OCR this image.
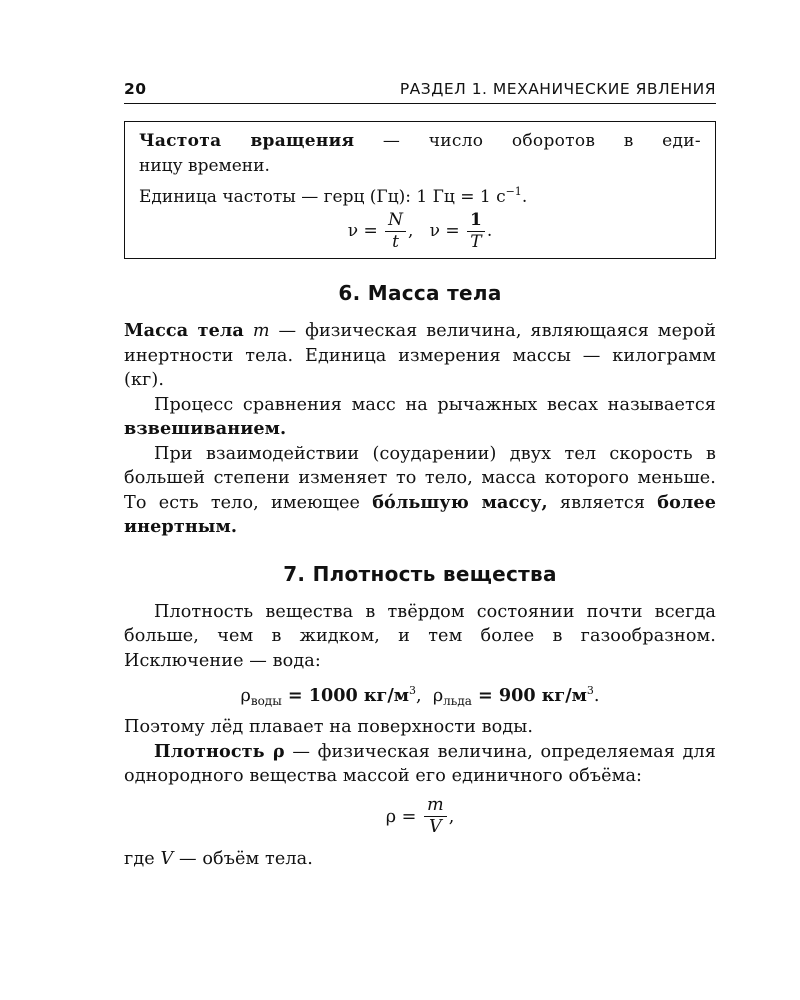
20	РАЗДЕЛ 1. МЕХАНИЧЕСКИЕ ЯВЛЕНИЯ

Частота вращения — число оборотов в еди-

ницу времени.

Единица частоты — герц (Гц): 1 Гц = 1 $с^{-1}$.

$\nu = \frac{N}{t}$ , $\nu = \frac{1}{T}$ .
6. Масса тела

Масса тела m — физическая величина, являющаяся мерой инертности тела. Единица измерения массы — килограмм (кг).

Процесс сравнения масс на рычажных весах называется взвешиванием.

При взаимодействии (соударении) двух тел скорость в большей степени изменяет то тело, масса которого меньше. То есть тело, имеющее бóльшую массу, является более инертным.

7. Плотность вещества

Плотность вещества в твёрдом состоянии почти всегда больше, чем в жидком, и тем более в газообразном. Исключение — вода:

$\rho_{воды} = 1000$ $кг/м^3$, $\rho_{льда} = 900$ $кг/м^3$.

Поэтому лёд плавает на поверхности воды.

Плотность ρ — физическая величина, определяемая для однородного вещества массой его единичного объёма:

$\rho = \frac{m}{V}$ ,

где V — объём тела.
